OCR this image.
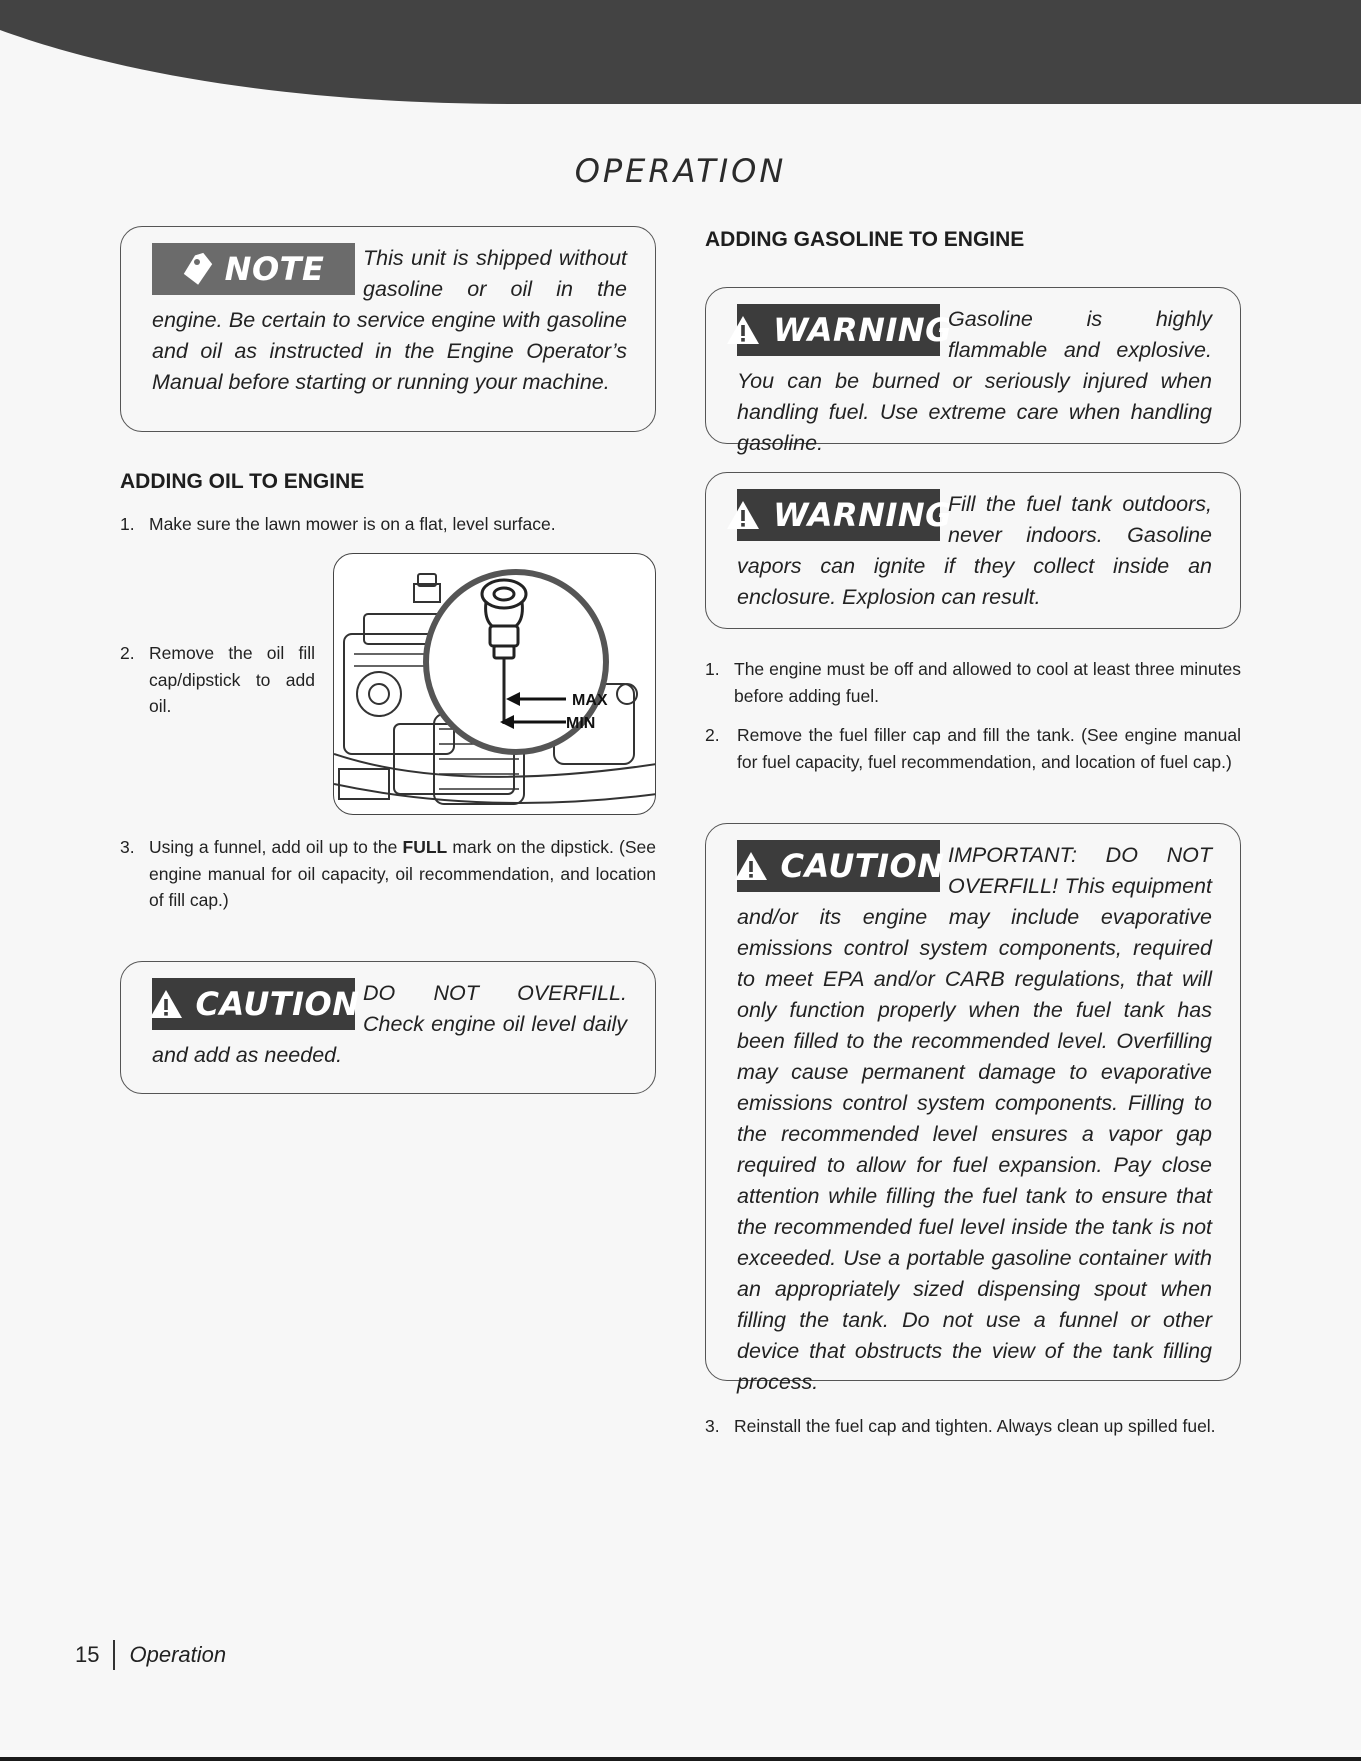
OPERATION
NOTE	This unit is shipped without gasoline or oil in the engine. Be certain to service engine with gasoline and oil as instructed in the Engine Operator’s Manual before starting or running your machine.

ADDING OIL TO ENGINE
1. Make sure the lawn mower is on a flat, level surface.
2. Remove the oil fill cap/dipstick to add oil.	MAX
MIN
3. Using a funnel, add oil up to the FULL mark on the dipstick. (See engine manual for oil capacity, oil recommendation, and location of fill cap.)
CAUTION DO NOT OVERFILL. Check engine oil level daily and add as needed.

ADDING GASOLINE TO ENGINE
WARNING

Gasoline is highly flammable and explosive. You can be burned or seriously injured when handling fuel. Use extreme care when handling gasoline.

WARNING

Fill the fuel tank outdoors, never indoors. Gasoline vapors can ignite if they collect inside an enclosure. Explosion can result.

1. The engine must be off and allowed to cool at least three minutes before adding fuel.
2. Remove the fuel filler cap and fill the tank. (See engine manual for fuel capacity, fuel recommendation, and location of fuel cap.)
CAUTION IMPORTANT: DO NOT OVERFILL! This equipment and/or its engine may include evaporative emissions control system components, required to meet EPA and/or CARB regulations, that will only function properly when the fuel tank has been filled to the recommended level. Overfilling may cause permanent damage to evaporative emissions control system components. Filling to the recommended level ensures a vapor gap required to allow for fuel expansion. Pay close attention while filling the fuel tank to ensure that the recommended fuel level inside the tank is not exceeded. Use a portable gasoline container with an appropriately sized dispensing spout when filling the tank. Do not use a funnel or other device that obstructs the view of the tank filling process.

3. Reinstall the fuel cap and tighten. Always clean up spilled fuel.
15 Operation
